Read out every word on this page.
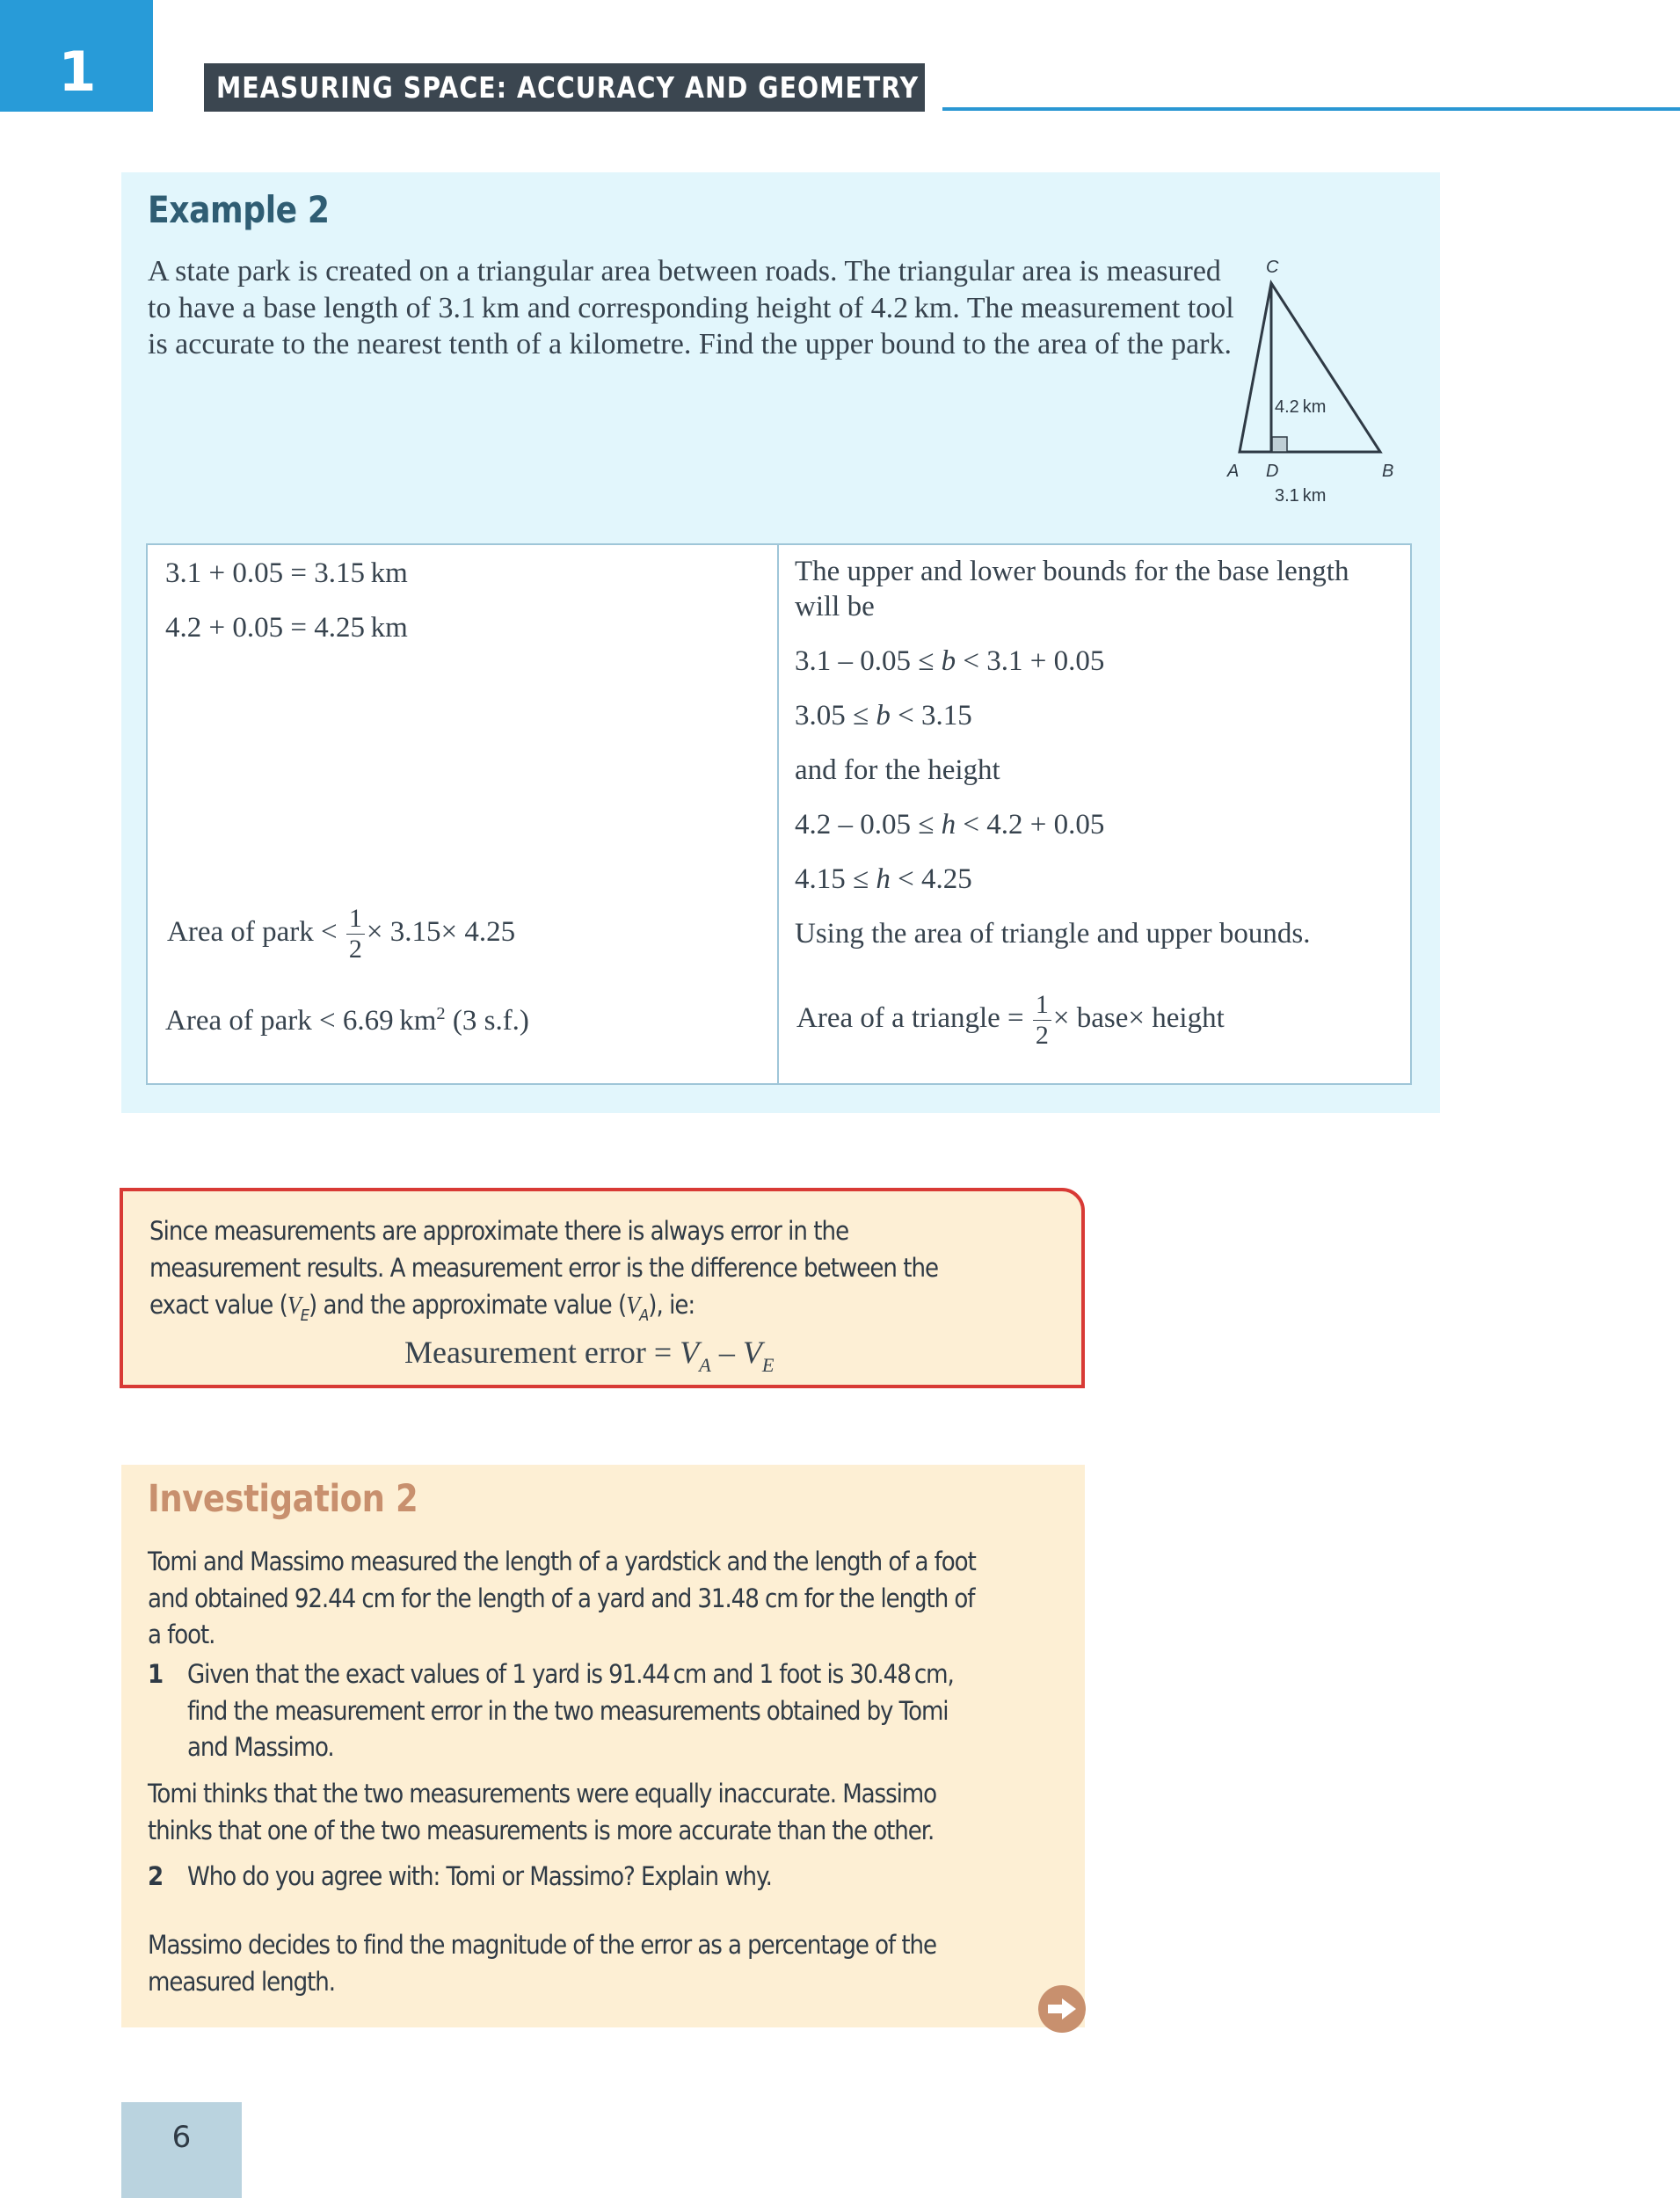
1	MEASURING SPACE: ACCURACY AND GEOMETRY
Example 2

A state park is created on a triangular area between roads. The triangular area is measured to have a base length of 3.1 km and corresponding height of 4.2 km. The measurement tool is accurate to the nearest tenth of a kilometre. Find the upper bound to the area of the park.

C
A D	B
4.2 km
3.1 km
3.1 + 0.05 = 3.15 km
4.2 + 0.05 = 4.25 km
Area of park < $\frac{1}{2} \times 3.15\times 4.25$
Area of park < 6.69 $km^2$ (3 s.f.)
The upper and lower bounds for the base length will be
3.1 – 0.05 ≤ b < 3.1 + 0.05
3.05 ≤ b < 3.15
and for the height
4.2 – 0.05 ≤ h < 4.2 + 0.05
4.15 ≤ h < 4.25
Using the area of triangle and upper bounds.
Area of a triangle = $\frac{1}{2}$ × base× height

Since measurements are approximate there is always error in the measurement results. A measurement error is the difference between the exact value $(V_E)$ and the approximate value $(V_A)$, ie:

Measurement error = $V_A - V_E$
Investigation 2

Tomi and Massimo measured the length of a yardstick and the length of a foot and obtained 92.44 cm for the length of a yard and 31.48 cm for the length of a foot.

1 Given that the exact values of 1 yard is 91.44 cm and 1 foot is 30.48 cm, find the measurement error in the two measurements obtained by Tomi and Massimo.

Tomi thinks that the two measurements were equally inaccurate. Massimo thinks that one of the two measurements is more accurate than the other.

2 Who do you agree with: Tomi or Massimo? Explain why.

Massimo decides to find the magnitude of the error as a percentage of the measured length.

6
